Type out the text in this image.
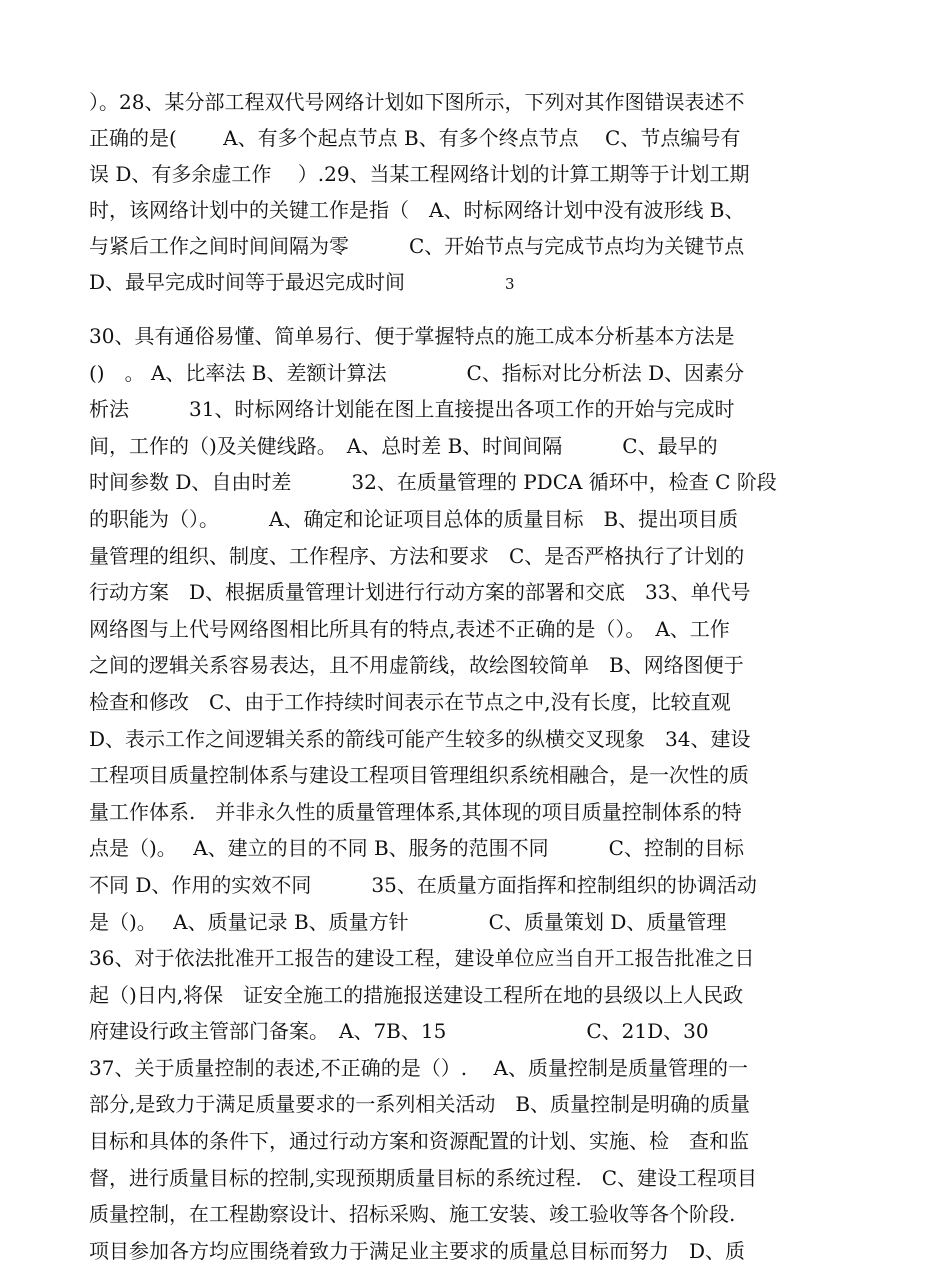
）。28、某分部工程双代号网络计划如下图所示，下列对其作图错误表述不
正确的是(　　 A、有多个起点节点 B、有多个终点节点　 C、节点编号有
误 D、有多余虚工作　 ）.29、当某工程网络计划的计算工期等于计划工期
时，该网络计划中的关键工作是指（　A、时标网络计划中没有波形线 B、
与紧后工作之间时间间隔为零　　　C、开始节点与完成节点均为关键节点
D、最早完成时间等于最迟完成时间　　	3
30、具有通俗易懂、简单易行、便于掌握特点的施工成本分析基本方法是
()　。 A、比率法 B、差额计算法　　　　C、指标对比分析法 D、因素分
析法　　　31、时标网络计划能在图上直接提出各项工作的开始与完成时
间，工作的（)及关健线路。　A、总时差 B、时间间隔　　　C、最早的
时间参数 D、自由时差　　　32、在质量管理的 PDCA 循环中，检查 C 阶段
的职能为（）。　　　A、确定和论证项目总体的质量目标　B、提出项目质
量管理的组织、制度、工作程序、方法和要求　C、是否严格执行了计划的
行动方案　D、根据质量管理计划进行行动方案的部署和交底　33、单代号
网络图与上代号网络图相比所具有的特点,表述不正确的是（）。　A、工作
之间的逻辑关系容易表达，且不用虚箭线，故绘图较简单　B、网络图便于
检查和修改　C、由于工作持续时间表示在节点之中,没有长度，比较直观
D、表示工作之间逻辑关系的箭线可能产生较多的纵横交叉现象　34、建设
工程项目质量控制体系与建设工程项目管理组织系统相融合，是一次性的质
量工作体系.　并非永久性的质量管理体系,其体现的项目质量控制体系的特
点是（)。　 A、建立的目的不同 B、服务的范围不同　　　C、控制的目标
不同 D、作用的实效不同　　　35、在质量方面指挥和控制组织的协调活动
是（)。　 A、质量记录 B、质量方针　　　　C、质量策划 D、质量管理
36、对于依法批准开工报告的建设工程，建设单位应当自开工报告批准之日
起（)日内,将保　证安全施工的措施报送建设工程所在地的县级以上人民政
府建设行政主管部门备案。　A、7B、15　　　　　　　C、21D、30
37、关于质量控制的表述,不正确的是（）.　 A、质量控制是质量管理的一
部分,是致力于满足质量要求的一系列相关活动　B、质量控制是明确的质量
目标和具体的条件下，通过行动方案和资源配置的计划、实施、检　查和监
督，进行质量目标的控制,实现预期质量目标的系统过程.　C、建设工程项目
质量控制，在工程勘察设计、招标采购、施工安装、竣工验收等各个阶段.
项目参加各方均应围绕着致力于满足业主要求的质量总目标而努力　D、质
